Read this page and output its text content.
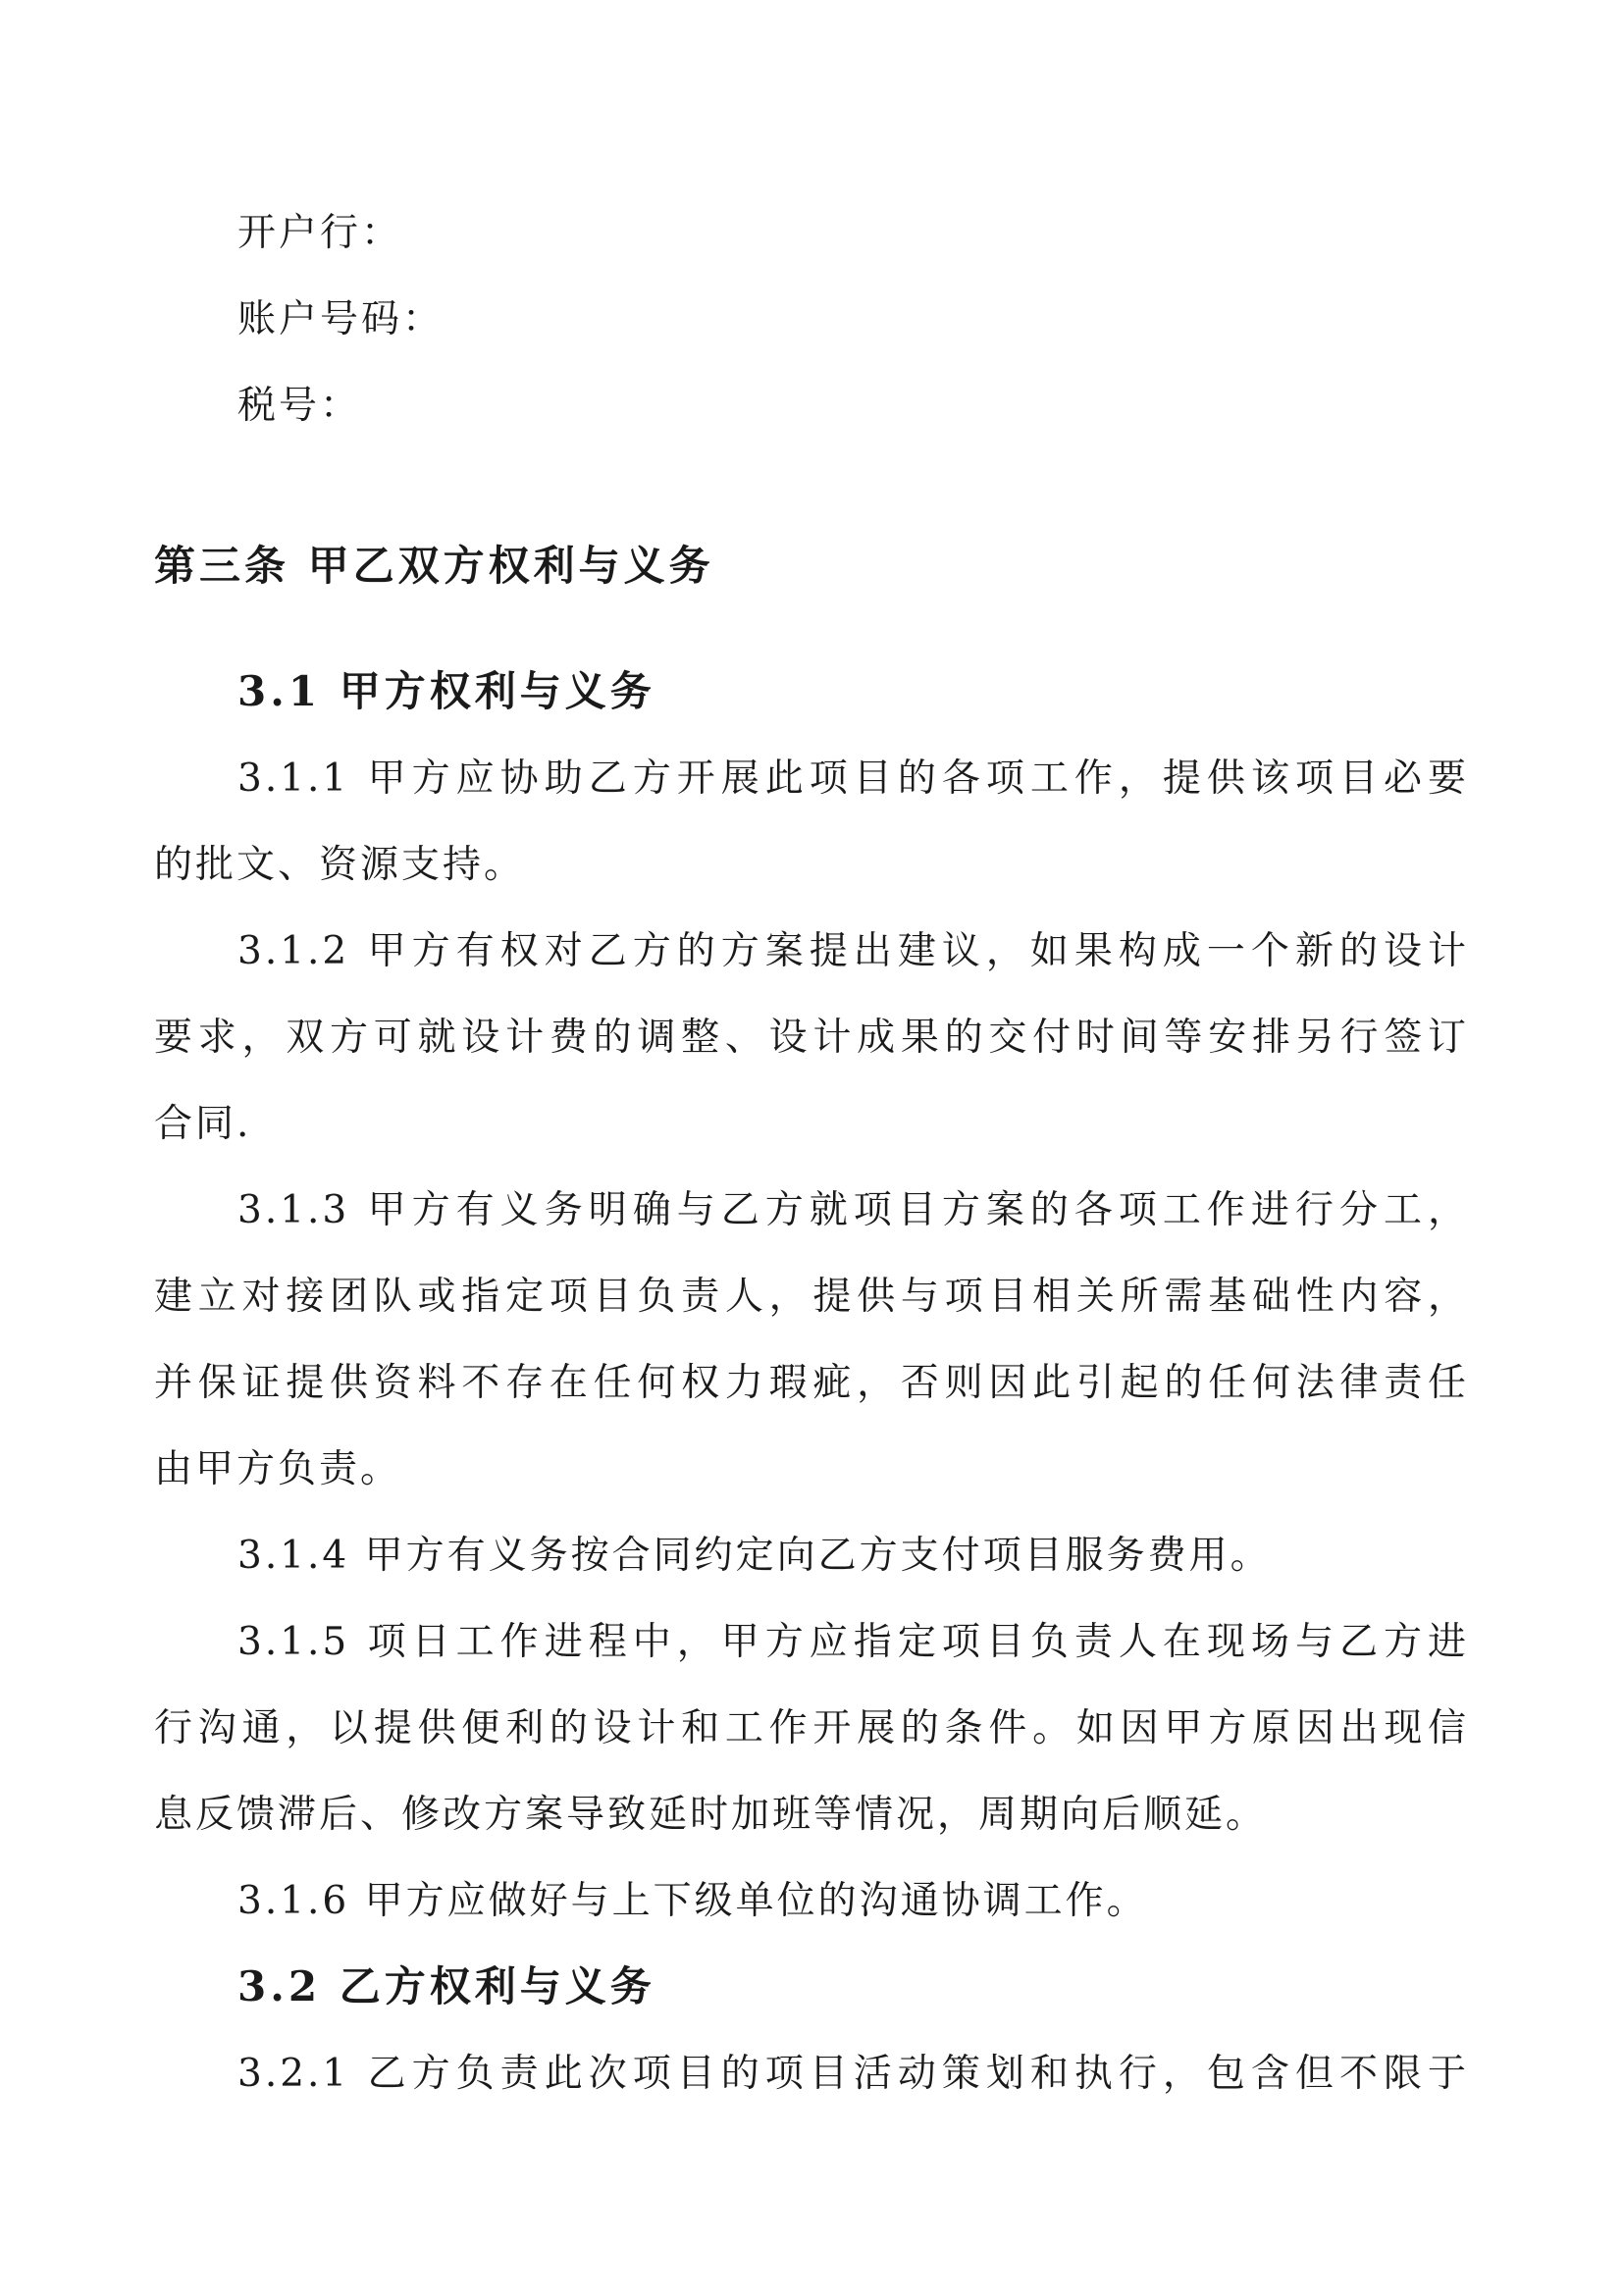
开户行：

账户号码：

税号：

第三条 甲乙双方权利与义务

3.1 甲方权利与义务

3.1.1 甲方应协助乙方开展此项目的各项工作，提供该项目必要

的批文、资源支持。

3.1.2 甲方有权对乙方的方案提出建议，如果构成一个新的设计

要求，双方可就设计费的调整、设计成果的交付时间等安排另行签订

合同.

3.1.3 甲方有义务明确与乙方就项目方案的各项工作进行分工，

建立对接团队或指定项目负责人，提供与项目相关所需基础性内容，

并保证提供资料不存在任何权力瑕疵，否则因此引起的任何法律责任

由甲方负责。

3.1.4 甲方有义务按合同约定向乙方支付项目服务费用。

3.1.5 项日工作进程中，甲方应指定项目负责人在现场与乙方进

行沟通，以提供便利的设计和工作开展的条件。如因甲方原因出现信

息反馈滞后、修改方案导致延时加班等情况，周期向后顺延。

3.1.6 甲方应做好与上下级单位的沟通协调工作。

3.2 乙方权利与义务

3.2.1 乙方负责此次项目的项目活动策划和执行，包含但不限于
